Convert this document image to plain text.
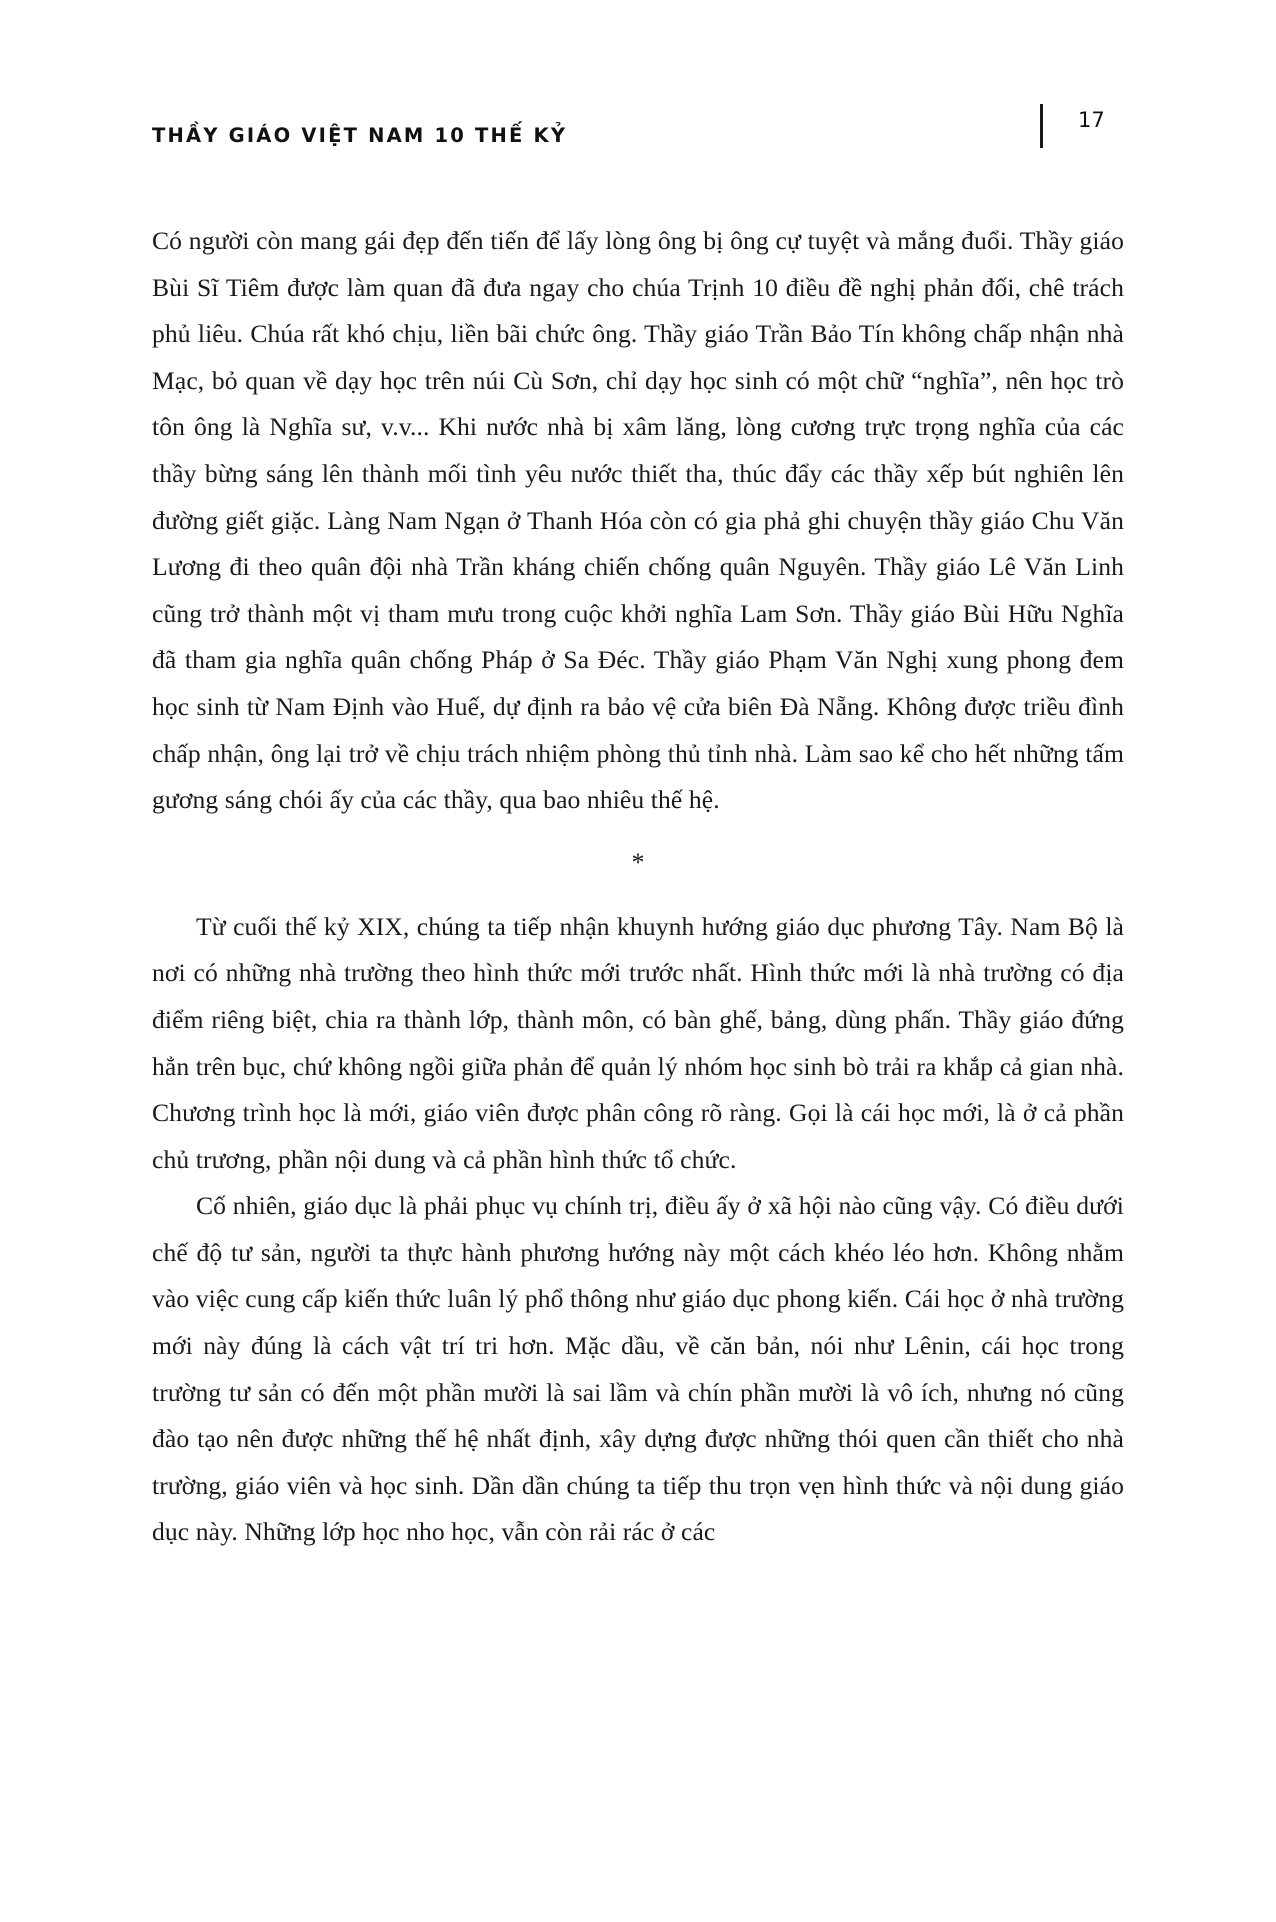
THẦY GIÁO VIỆT NAM 10 THẾ KỶ
17

Có người còn mang gái đẹp đến tiến để lấy lòng ông bị ông cự tuyệt và mắng đuổi. Thầy giáo Bùi Sĩ Tiêm được làm quan đã đưa ngay cho chúa Trịnh 10 điều đề nghị phản đối, chê trách phủ liêu. Chúa rất khó chịu, liền bãi chức ông. Thầy giáo Trần Bảo Tín không chấp nhận nhà Mạc, bỏ quan về dạy học trên núi Cù Sơn, chỉ dạy học sinh có một chữ “nghĩa”, nên học trò tôn ông là Nghĩa sư, v.v... Khi nước nhà bị xâm lăng, lòng cương trực trọng nghĩa của các thầy bừng sáng lên thành mối tình yêu nước thiết tha, thúc đẩy các thầy xếp bút nghiên lên đường giết giặc. Làng Nam Ngạn ở Thanh Hóa còn có gia phả ghi chuyện thầy giáo Chu Văn Lương đi theo quân đội nhà Trần kháng chiến chống quân Nguyên. Thầy giáo Lê Văn Linh cũng trở thành một vị tham mưu trong cuộc khởi nghĩa Lam Sơn. Thầy giáo Bùi Hữu Nghĩa đã tham gia nghĩa quân chống Pháp ở Sa Đéc. Thầy giáo Phạm Văn Nghị xung phong đem học sinh từ Nam Định vào Huế, dự định ra bảo vệ cửa biên Đà Nẵng. Không được triều đình chấp nhận, ông lại trở về chịu trách nhiệm phòng thủ tỉnh nhà. Làm sao kể cho hết những tấm gương sáng chói ấy của các thầy, qua bao nhiêu thế hệ.

*

Từ cuối thế kỷ XIX, chúng ta tiếp nhận khuynh hướng giáo dục phương Tây. Nam Bộ là nơi có những nhà trường theo hình thức mới trước nhất. Hình thức mới là nhà trường có địa điểm riêng biệt, chia ra thành lớp, thành môn, có bàn ghế, bảng, dùng phấn. Thầy giáo đứng hẳn trên bục, chứ không ngồi giữa phản để quản lý nhóm học sinh bò trải ra khắp cả gian nhà. Chương trình học là mới, giáo viên được phân công rõ ràng. Gọi là cái học mới, là ở cả phần chủ trương, phần nội dung và cả phần hình thức tổ chức.

Cố nhiên, giáo dục là phải phục vụ chính trị, điều ấy ở xã hội nào cũng vậy. Có điều dưới chế độ tư sản, người ta thực hành phương hướng này một cách khéo léo hơn. Không nhằm vào việc cung cấp kiến thức luân lý phổ thông như giáo dục phong kiến. Cái học ở nhà trường mới này đúng là cách vật trí tri hơn. Mặc dầu, về căn bản, nói như Lênin, cái học trong trường tư sản có đến một phần mười là sai lầm và chín phần mười là vô ích, nhưng nó cũng đào tạo nên được những thế hệ nhất định, xây dựng được những thói quen cần thiết cho nhà trường, giáo viên và học sinh. Dần dần chúng ta tiếp thu trọn vẹn hình thức và nội dung giáo dục này. Những lớp học nho học, vẫn còn rải rác ở các
